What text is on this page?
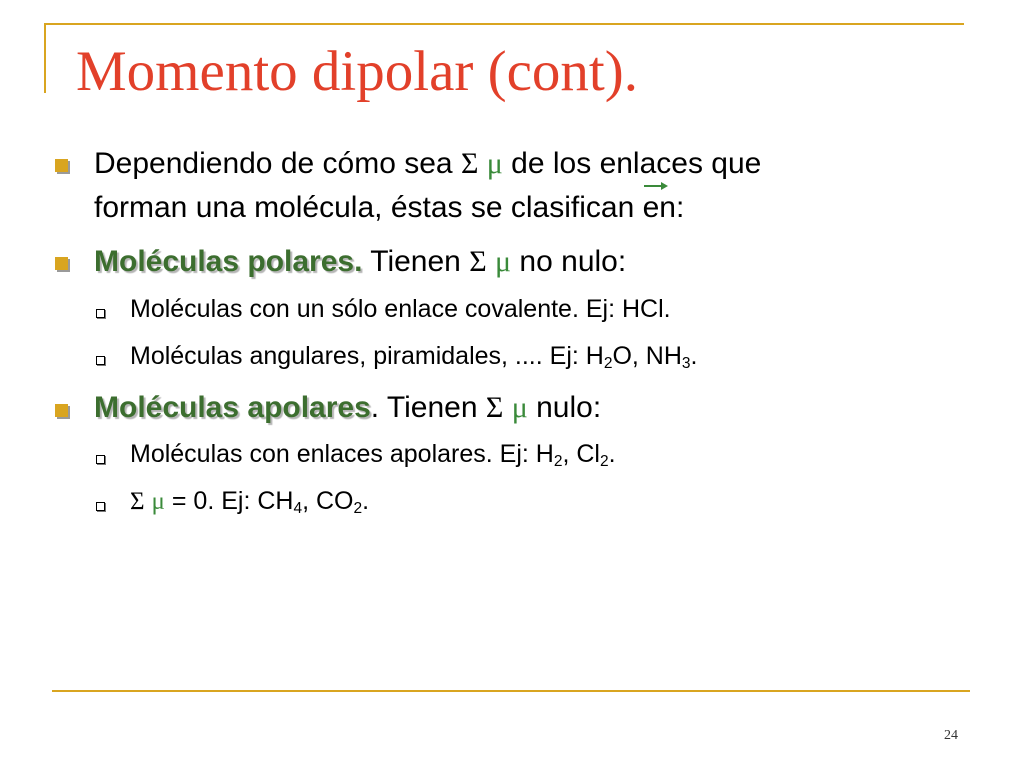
Momento dipolar (cont).
Dependiendo de cómo sea Σ μ de los enlaces que
forman una molécula, éstas se clasifican en:
Moléculas polares. Tienen Σ μ no nulo:
Moléculas con un sólo enlace covalente. Ej: HCl.
Moléculas angulares, piramidales, .... Ej: $H_2O$, $NH_3$.
Moléculas apolares. Tienen Σ μ nulo:
Moléculas con enlaces apolares. Ej: $H_2$, $Cl_2$.
Σ μ = 0. Ej: $CH_4$, $CO_2$.
24
